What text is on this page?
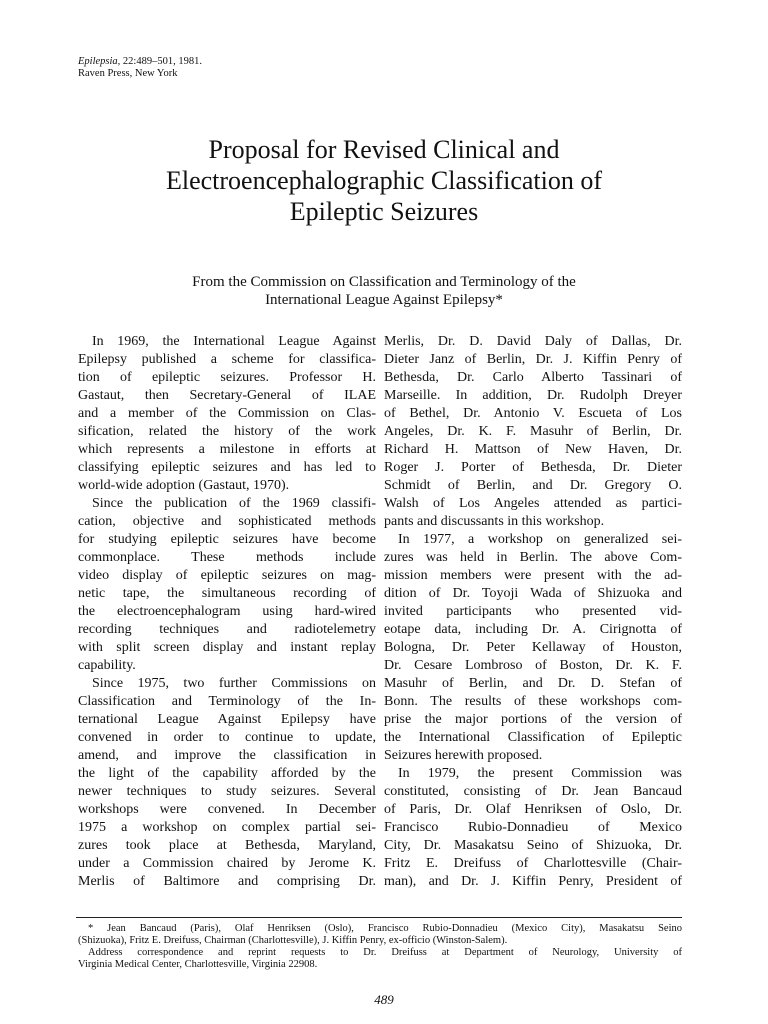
Epilepsia, 22:489–501, 1981.
Raven Press, New York
Proposal for Revised Clinical and
Electroencephalographic Classification of
Epileptic Seizures
From the Commission on Classification and Terminology of the
International League Against Epilepsy*
In 1969, the International League Against
Epilepsy published a scheme for classifica-
tion of epileptic seizures. Professor H.
Gastaut, then Secretary-General of ILAE
and a member of the Commission on Clas-
sification, related the history of the work
which represents a milestone in efforts at
classifying epileptic seizures and has led to
world-wide adoption (Gastaut, 1970).
Since the publication of the 1969 classifi-
cation, objective and sophisticated methods
for studying epileptic seizures have become
commonplace. These methods include
video display of epileptic seizures on mag-
netic tape, the simultaneous recording of
the electroencephalogram using hard-wired
recording techniques and radiotelemetry
with split screen display and instant replay
capability.
Since 1975, two further Commissions on
Classification and Terminology of the In-
ternational League Against Epilepsy have
convened in order to continue to update,
amend, and improve the classification in
the light of the capability afforded by the
newer techniques to study seizures. Several
workshops were convened. In December
1975 a workshop on complex partial sei-
zures took place at Bethesda, Maryland,
under a Commission chaired by Jerome K.
Merlis of Baltimore and comprising Dr.
Merlis, Dr. D. David Daly of Dallas, Dr.
Dieter Janz of Berlin, Dr. J. Kiffin Penry of
Bethesda, Dr. Carlo Alberto Tassinari of
Marseille. In addition, Dr. Rudolph Dreyer
of Bethel, Dr. Antonio V. Escueta of Los
Angeles, Dr. K. F. Masuhr of Berlin, Dr.
Richard H. Mattson of New Haven, Dr.
Roger J. Porter of Bethesda, Dr. Dieter
Schmidt of Berlin, and Dr. Gregory O.
Walsh of Los Angeles attended as partici-
pants and discussants in this workshop.
In 1977, a workshop on generalized sei-
zures was held in Berlin. The above Com-
mission members were present with the ad-
dition of Dr. Toyoji Wada of Shizuoka and
invited participants who presented vid-
eotape data, including Dr. A. Cirignotta of
Bologna, Dr. Peter Kellaway of Houston,
Dr. Cesare Lombroso of Boston, Dr. K. F.
Masuhr of Berlin, and Dr. D. Stefan of
Bonn. The results of these workshops com-
prise the major portions of the version of
the International Classification of Epileptic
Seizures herewith proposed.
In 1979, the present Commission was
constituted, consisting of Dr. Jean Bancaud
of Paris, Dr. Olaf Henriksen of Oslo, Dr.
Francisco Rubio-Donnadieu of Mexico
City, Dr. Masakatsu Seino of Shizuoka, Dr.
Fritz E. Dreifuss of Charlottesville (Chair-
man), and Dr. J. Kiffin Penry, President of
* Jean Bancaud (Paris), Olaf Henriksen (Oslo), Francisco Rubio-Donnadieu (Mexico City), Masakatsu Seino
(Shizuoka), Fritz E. Dreifuss, Chairman (Charlottesville), J. Kiffin Penry, ex-officio (Winston-Salem).
Address correspondence and reprint requests to Dr. Dreifuss at Department of Neurology, University of
Virginia Medical Center, Charlottesville, Virginia 22908.
489
